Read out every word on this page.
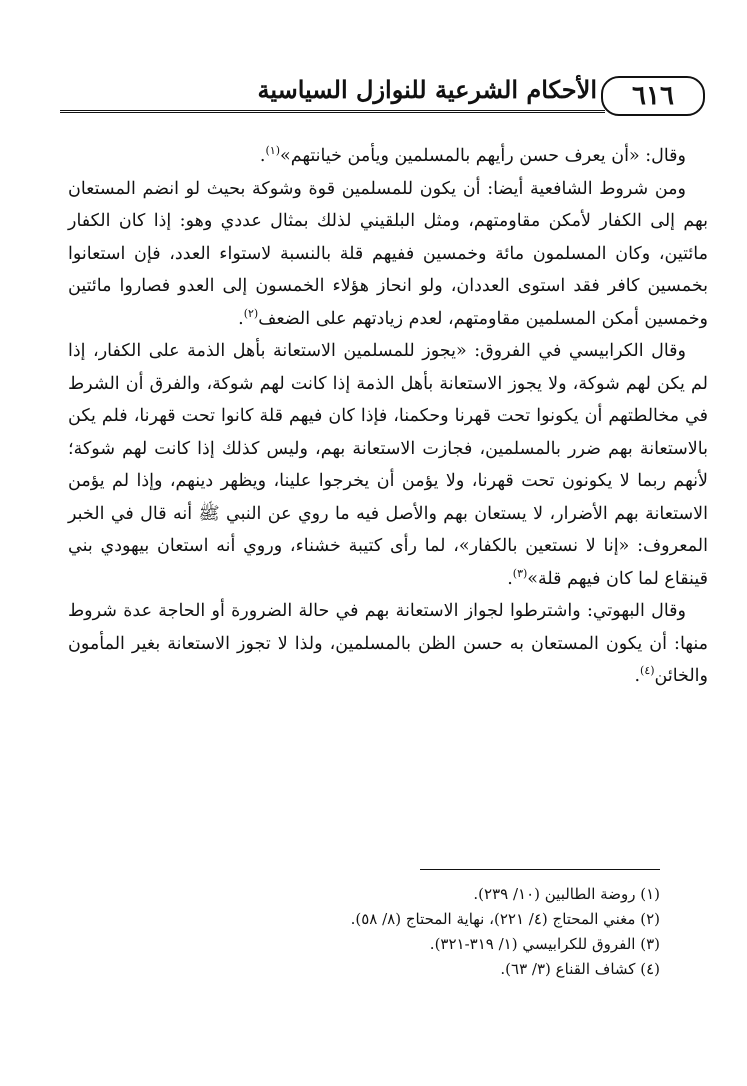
٦١٦
الأحكام الشرعية للنوازل السياسية

وقال: «أن يعرف حسن رأيهم بالمسلمين ويأمن خيانتهم»$^{(١)}$.

ومن شروط الشافعية أيضا: أن يكون للمسلمين قوة وشوكة بحيث لو انضم المستعان بهم إلى الكفار لأمكن مقاومتهم، ومثل البلقيني لذلك بمثال عددي وهو: إذا كان الكفار مائتين، وكان المسلمون مائة وخمسين ففيهم قلة بالنسبة لاستواء العدد، فإن استعانوا بخمسين كافر فقد استوى العددان، ولو انحاز هؤلاء الخمسون إلى العدو فصاروا مائتين وخمسين أمكن المسلمين مقاومتهم، لعدم زيادتهم على الضعف$^{(٢)}$.

وقال الكرابيسي في الفروق: «يجوز للمسلمين الاستعانة بأهل الذمة على الكفار، إذا لم يكن لهم شوكة، ولا يجوز الاستعانة بأهل الذمة إذا كانت لهم شوكة، والفرق أن الشرط في مخالطتهم أن يكونوا تحت قهرنا وحكمنا، فإذا كان فيهم قلة كانوا تحت قهرنا، فلم يكن بالاستعانة بهم ضرر بالمسلمين، فجازت الاستعانة بهم، وليس كذلك إذا كانت لهم شوكة؛ لأنهم ربما لا يكونون تحت قهرنا، ولا يؤمن أن يخرجوا علينا، ويظهر دينهم، وإذا لم يؤمن الاستعانة بهم الأضرار، لا يستعان بهم والأصل فيه ما روي عن النبي ﷺ أنه قال في الخبر المعروف: «إنا لا نستعين بالكفار»، لما رأى كتيبة خشناء، وروي أنه استعان بيهودي بني قينقاع لما كان فيهم قلة»$^{(٣)}$.

وقال البهوتي: واشترطوا لجواز الاستعانة بهم في حالة الضرورة أو الحاجة عدة شروط منها: أن يكون المستعان به حسن الظن بالمسلمين، ولذا لا تجوز الاستعانة بغير المأمون والخائن$^{(٤)}$.

(١) روضة الطالبين (١٠/ ٢٣٩).
(٢) مغني المحتاج (٤/ ٢٢١)، نهاية المحتاج (٨/ ٥٨).
(٣) الفروق للكرابيسي (١/ ٣١٩-٣٢١).
(٤) كشاف القناع (٣/ ٦٣).
